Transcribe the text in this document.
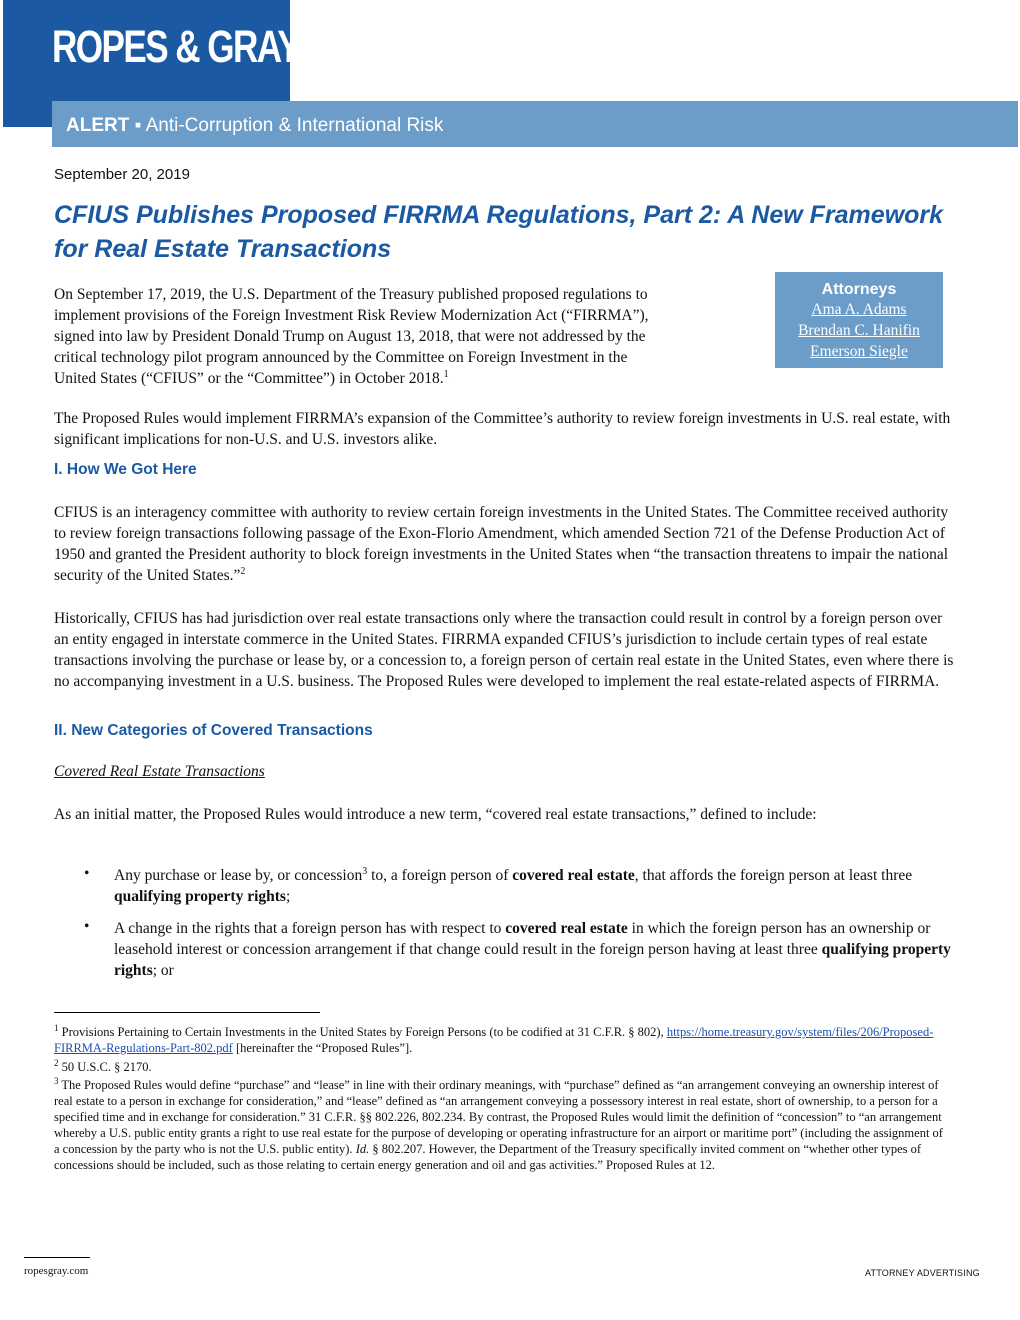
ROPES & GRAY
ALERT ▪ Anti-Corruption & International Risk
September 20, 2019
CFIUS Publishes Proposed FIRRMA Regulations, Part 2: A New Framework for Real Estate Transactions
On September 17, 2019, the U.S. Department of the Treasury published proposed regulations to
implement provisions of the Foreign Investment Risk Review Modernization Act (“FIRRMA”),
signed into law by President Donald Trump on August 13, 2018, that were not addressed by the
critical technology pilot program announced by the Committee on Foreign Investment in the
United States (“CFIUS” or the “Committee”) in October 2018.$^1$
Attorneys
Ama A. Adams
Brendan C. Hanifin
Emerson Siegle
The Proposed Rules would implement FIRRMA’s expansion of the Committee’s authority to review foreign investments in U.S. real estate, with significant implications for non-U.S. and U.S. investors alike.
I. How We Got Here
CFIUS is an interagency committee with authority to review certain foreign investments in the United States. The Committee received authority to review foreign transactions following passage of the Exon-Florio Amendment, which amended Section 721 of the Defense Production Act of 1950 and granted the President authority to block foreign investments in the United States when “the transaction threatens to impair the national security of the United States.”$^2$
Historically, CFIUS has had jurisdiction over real estate transactions only where the transaction could result in control by a foreign person over an entity engaged in interstate commerce in the United States. FIRRMA expanded CFIUS’s jurisdiction to include certain types of real estate transactions involving the purchase or lease by, or a concession to, a foreign person of certain real estate in the United States, even where there is no accompanying investment in a U.S. business. The Proposed Rules were developed to implement the real estate-related aspects of FIRRMA.
II. New Categories of Covered Transactions
Covered Real Estate Transactions
As an initial matter, the Proposed Rules would introduce a new term, “covered real estate transactions,” defined to include:
• Any purchase or lease by, or concession$^3$ to, a foreign person of covered real estate, that affords the foreign person at least three qualifying property rights;
• A change in the rights that a foreign person has with respect to covered real estate in which the foreign person has an ownership or leasehold interest or concession arrangement if that change could result in the foreign person having at least three qualifying property rights; or
$^1$ Provisions Pertaining to Certain Investments in the United States by Foreign Persons (to be codified at 31 C.F.R. § 802), https://home.treasury.gov/system/files/206/Proposed-FIRRMA-Regulations-Part-802.pdf [hereinafter the “Proposed Rules”].
$^2$ 50 U.S.C. § 2170.
$^3$ The Proposed Rules would define “purchase” and “lease” in line with their ordinary meanings, with “purchase” defined as “an arrangement conveying an ownership interest of real estate to a person in exchange for consideration,” and “lease” defined as “an arrangement conveying a possessory interest in real estate, short of ownership, to a person for a specified time and in exchange for consideration.” 31 C.F.R. §§ 802.226, 802.234. By contrast, the Proposed Rules would limit the definition of “concession” to “an arrangement whereby a U.S. public entity grants a right to use real estate for the purpose of developing or operating infrastructure for an airport or maritime port” (including the assignment of a concession by the party who is not the U.S. public entity). Id. § 802.207. However, the Department of the Treasury specifically invited comment on “whether other types of concessions should be included, such as those relating to certain energy generation and oil and gas activities.” Proposed Rules at 12.
ropesgray.com	ATTORNEY ADVERTISING
